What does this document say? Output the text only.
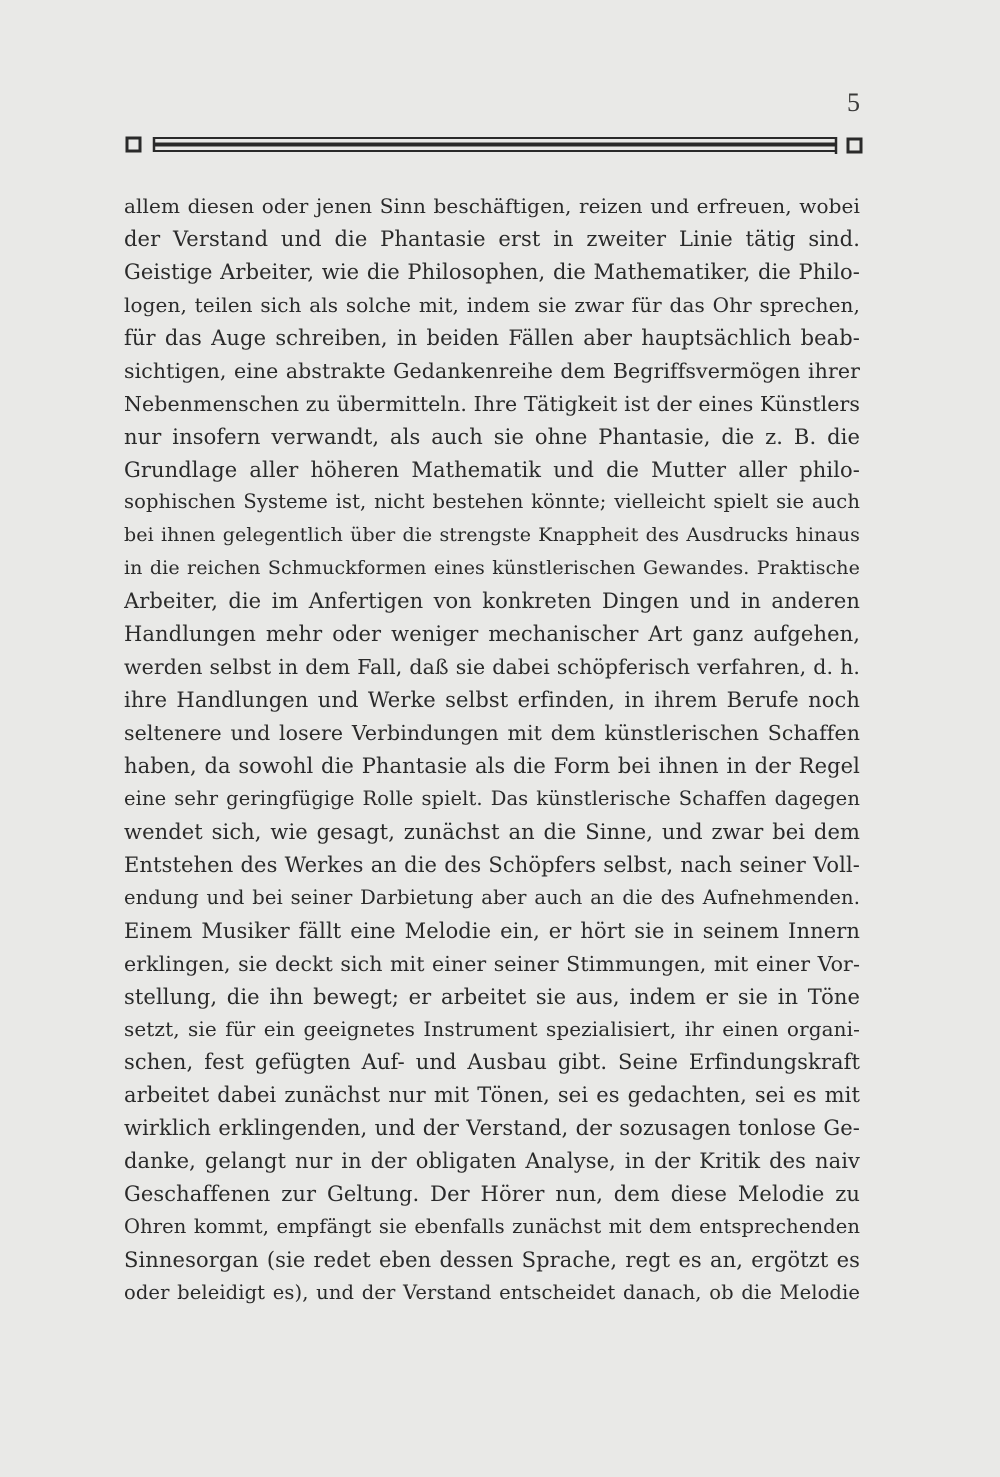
5
allem diesen oder jenen Sinn beschäftigen, reizen und erfreuen, wobei
der Verstand und die Phantasie erst in zweiter Linie tätig sind.
Geistige Arbeiter, wie die Philosophen, die Mathematiker, die Philo-
logen, teilen sich als solche mit, indem sie zwar für das Ohr sprechen,
für das Auge schreiben, in beiden Fällen aber hauptsächlich beab-
sichtigen, eine abstrakte Gedankenreihe dem Begriffsvermögen ihrer
Nebenmenschen zu übermitteln. Ihre Tätigkeit ist der eines Künstlers
nur insofern verwandt, als auch sie ohne Phantasie, die z. B. die
Grundlage aller höheren Mathematik und die Mutter aller philo-
sophischen Systeme ist, nicht bestehen könnte; vielleicht spielt sie auch
bei ihnen gelegentlich über die strengste Knappheit des Ausdrucks hinaus
in die reichen Schmuckformen eines künstlerischen Gewandes. Praktische
Arbeiter, die im Anfertigen von konkreten Dingen und in anderen
Handlungen mehr oder weniger mechanischer Art ganz aufgehen,
werden selbst in dem Fall, daß sie dabei schöpferisch verfahren, d. h.
ihre Handlungen und Werke selbst erfinden, in ihrem Berufe noch
seltenere und losere Verbindungen mit dem künstlerischen Schaffen
haben, da sowohl die Phantasie als die Form bei ihnen in der Regel
eine sehr geringfügige Rolle spielt. Das künstlerische Schaffen dagegen
wendet sich, wie gesagt, zunächst an die Sinne, und zwar bei dem
Entstehen des Werkes an die des Schöpfers selbst, nach seiner Voll-
endung und bei seiner Darbietung aber auch an die des Aufnehmenden.
Einem Musiker fällt eine Melodie ein, er hört sie in seinem Innern
erklingen, sie deckt sich mit einer seiner Stimmungen, mit einer Vor-
stellung, die ihn bewegt; er arbeitet sie aus, indem er sie in Töne
setzt, sie für ein geeignetes Instrument spezialisiert, ihr einen organi-
schen, fest gefügten Auf- und Ausbau gibt. Seine Erfindungskraft
arbeitet dabei zunächst nur mit Tönen, sei es gedachten, sei es mit
wirklich erklingenden, und der Verstand, der sozusagen tonlose Ge-
danke, gelangt nur in der obligaten Analyse, in der Kritik des naiv
Geschaffenen zur Geltung. Der Hörer nun, dem diese Melodie zu
Ohren kommt, empfängt sie ebenfalls zunächst mit dem entsprechenden
Sinnesorgan (sie redet eben dessen Sprache, regt es an, ergötzt es
oder beleidigt es), und der Verstand entscheidet danach, ob die Melodie
